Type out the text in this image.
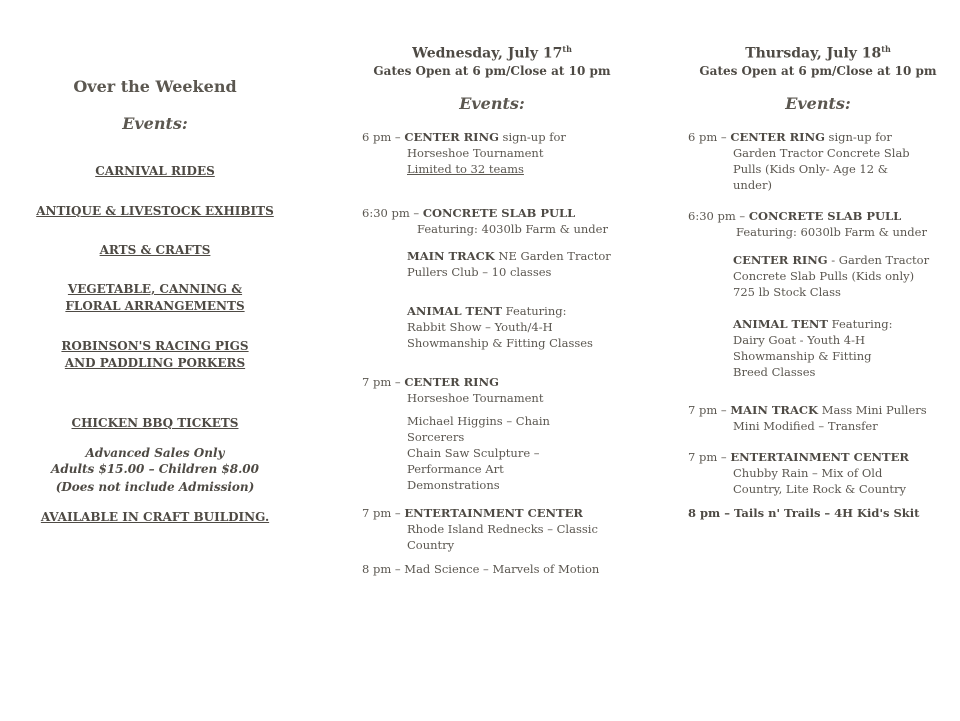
Over the Weekend
Events:
CARNIVAL RIDES
ANTIQUE & LIVESTOCK EXHIBITS
ARTS & CRAFTS
VEGETABLE, CANNING & FLORAL ARRANGEMENTS
ROBINSON'S RACING PIGS AND PADDLING PORKERS
CHICKEN BBQ TICKETS
Advanced Sales Only
Adults $15.00 – Children $8.00
(Does not include Admission)
AVAILABLE IN CRAFT BUILDING.
Wednesday, July 17th
Gates Open at 6 pm/Close at 10 pm
Events:
6 pm – CENTER RING sign-up for
Horseshoe Tournament
Limited to 32 teams
6:30 pm – CONCRETE SLAB PULL
Featuring: 4030lb Farm & under
MAIN TRACK NE Garden Tractor
Pullers Club – 10 classes
ANIMAL TENT Featuring:
Rabbit Show – Youth/4-H
Showmanship & Fitting Classes
7 pm – CENTER RING
Horseshoe Tournament
Michael Higgins – Chain
Sorcerers
Chain Saw Sculpture –
Performance Art
Demonstrations
7 pm – ENTERTAINMENT CENTER
Rhode Island Rednecks – Classic
Country
8 pm – Mad Science – Marvels of Motion
Thursday, July 18th
Gates Open at 6 pm/Close at 10 pm
Events:
6 pm – CENTER RING sign-up for
Garden Tractor Concrete Slab
Pulls (Kids Only- Age 12 &
under)
6:30 pm – CONCRETE SLAB PULL
Featuring: 6030lb Farm & under
CENTER RING - Garden Tractor
Concrete Slab Pulls (Kids only)
725 lb Stock Class
ANIMAL TENT Featuring:
Dairy Goat - Youth 4-H
Showmanship & Fitting
Breed Classes
7 pm – MAIN TRACK Mass Mini Pullers
Mini Modified – Transfer
7 pm – ENTERTAINMENT CENTER
Chubby Rain – Mix of Old
Country, Lite Rock & Country
8 pm – Tails n' Trails – 4H Kid's Skit
